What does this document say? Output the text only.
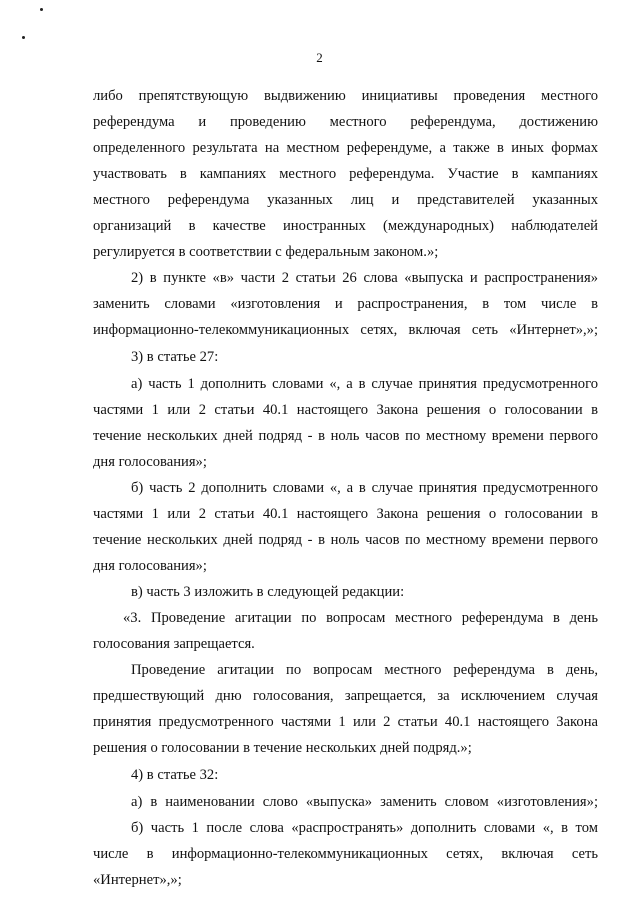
2
либо препятствующую выдвижению инициативы проведения местного
референдума и проведению местного референдума, достижению
определенного результата на местном референдуме, а также в иных формах
участвовать в кампаниях местного референдума. Участие в кампаниях
местного референдума указанных лиц и представителей указанных
организаций в качестве иностранных (международных) наблюдателей
регулируется в соответствии с федеральным законом.»;
2) в пункте «в» части 2 статьи 26 слова «выпуска и распространения»
заменить словами «изготовления и распространения, в том числе в
информационно-телекоммуникационных сетях, включая сеть «Интернет»,»;
3) в статье 27:
а) часть 1 дополнить словами «, а в случае принятия предусмотренного
частями 1 или 2 статьи 40.1 настоящего Закона решения о голосовании в
течение нескольких дней подряд - в ноль часов по местному времени первого
дня голосования»;
б) часть 2 дополнить словами «, а в случае принятия предусмотренного
частями 1 или 2 статьи 40.1 настоящего Закона решения о голосовании в
течение нескольких дней подряд - в ноль часов по местному времени первого
дня голосования»;
в) часть 3 изложить в следующей редакции:
«3. Проведение агитации по вопросам местного референдума в день
голосования запрещается.
Проведение агитации по вопросам местного референдума в день,
предшествующий дню голосования, запрещается, за исключением случая
принятия предусмотренного частями 1 или 2 статьи 40.1 настоящего Закона
решения о голосовании в течение нескольких дней подряд.»;
4) в статье 32:
а) в наименовании слово «выпуска» заменить словом «изготовления»;
б) часть 1 после слова «распространять» дополнить словами «, в том
числе в информационно-телекоммуникационных сетях, включая сеть
«Интернет»,»;
